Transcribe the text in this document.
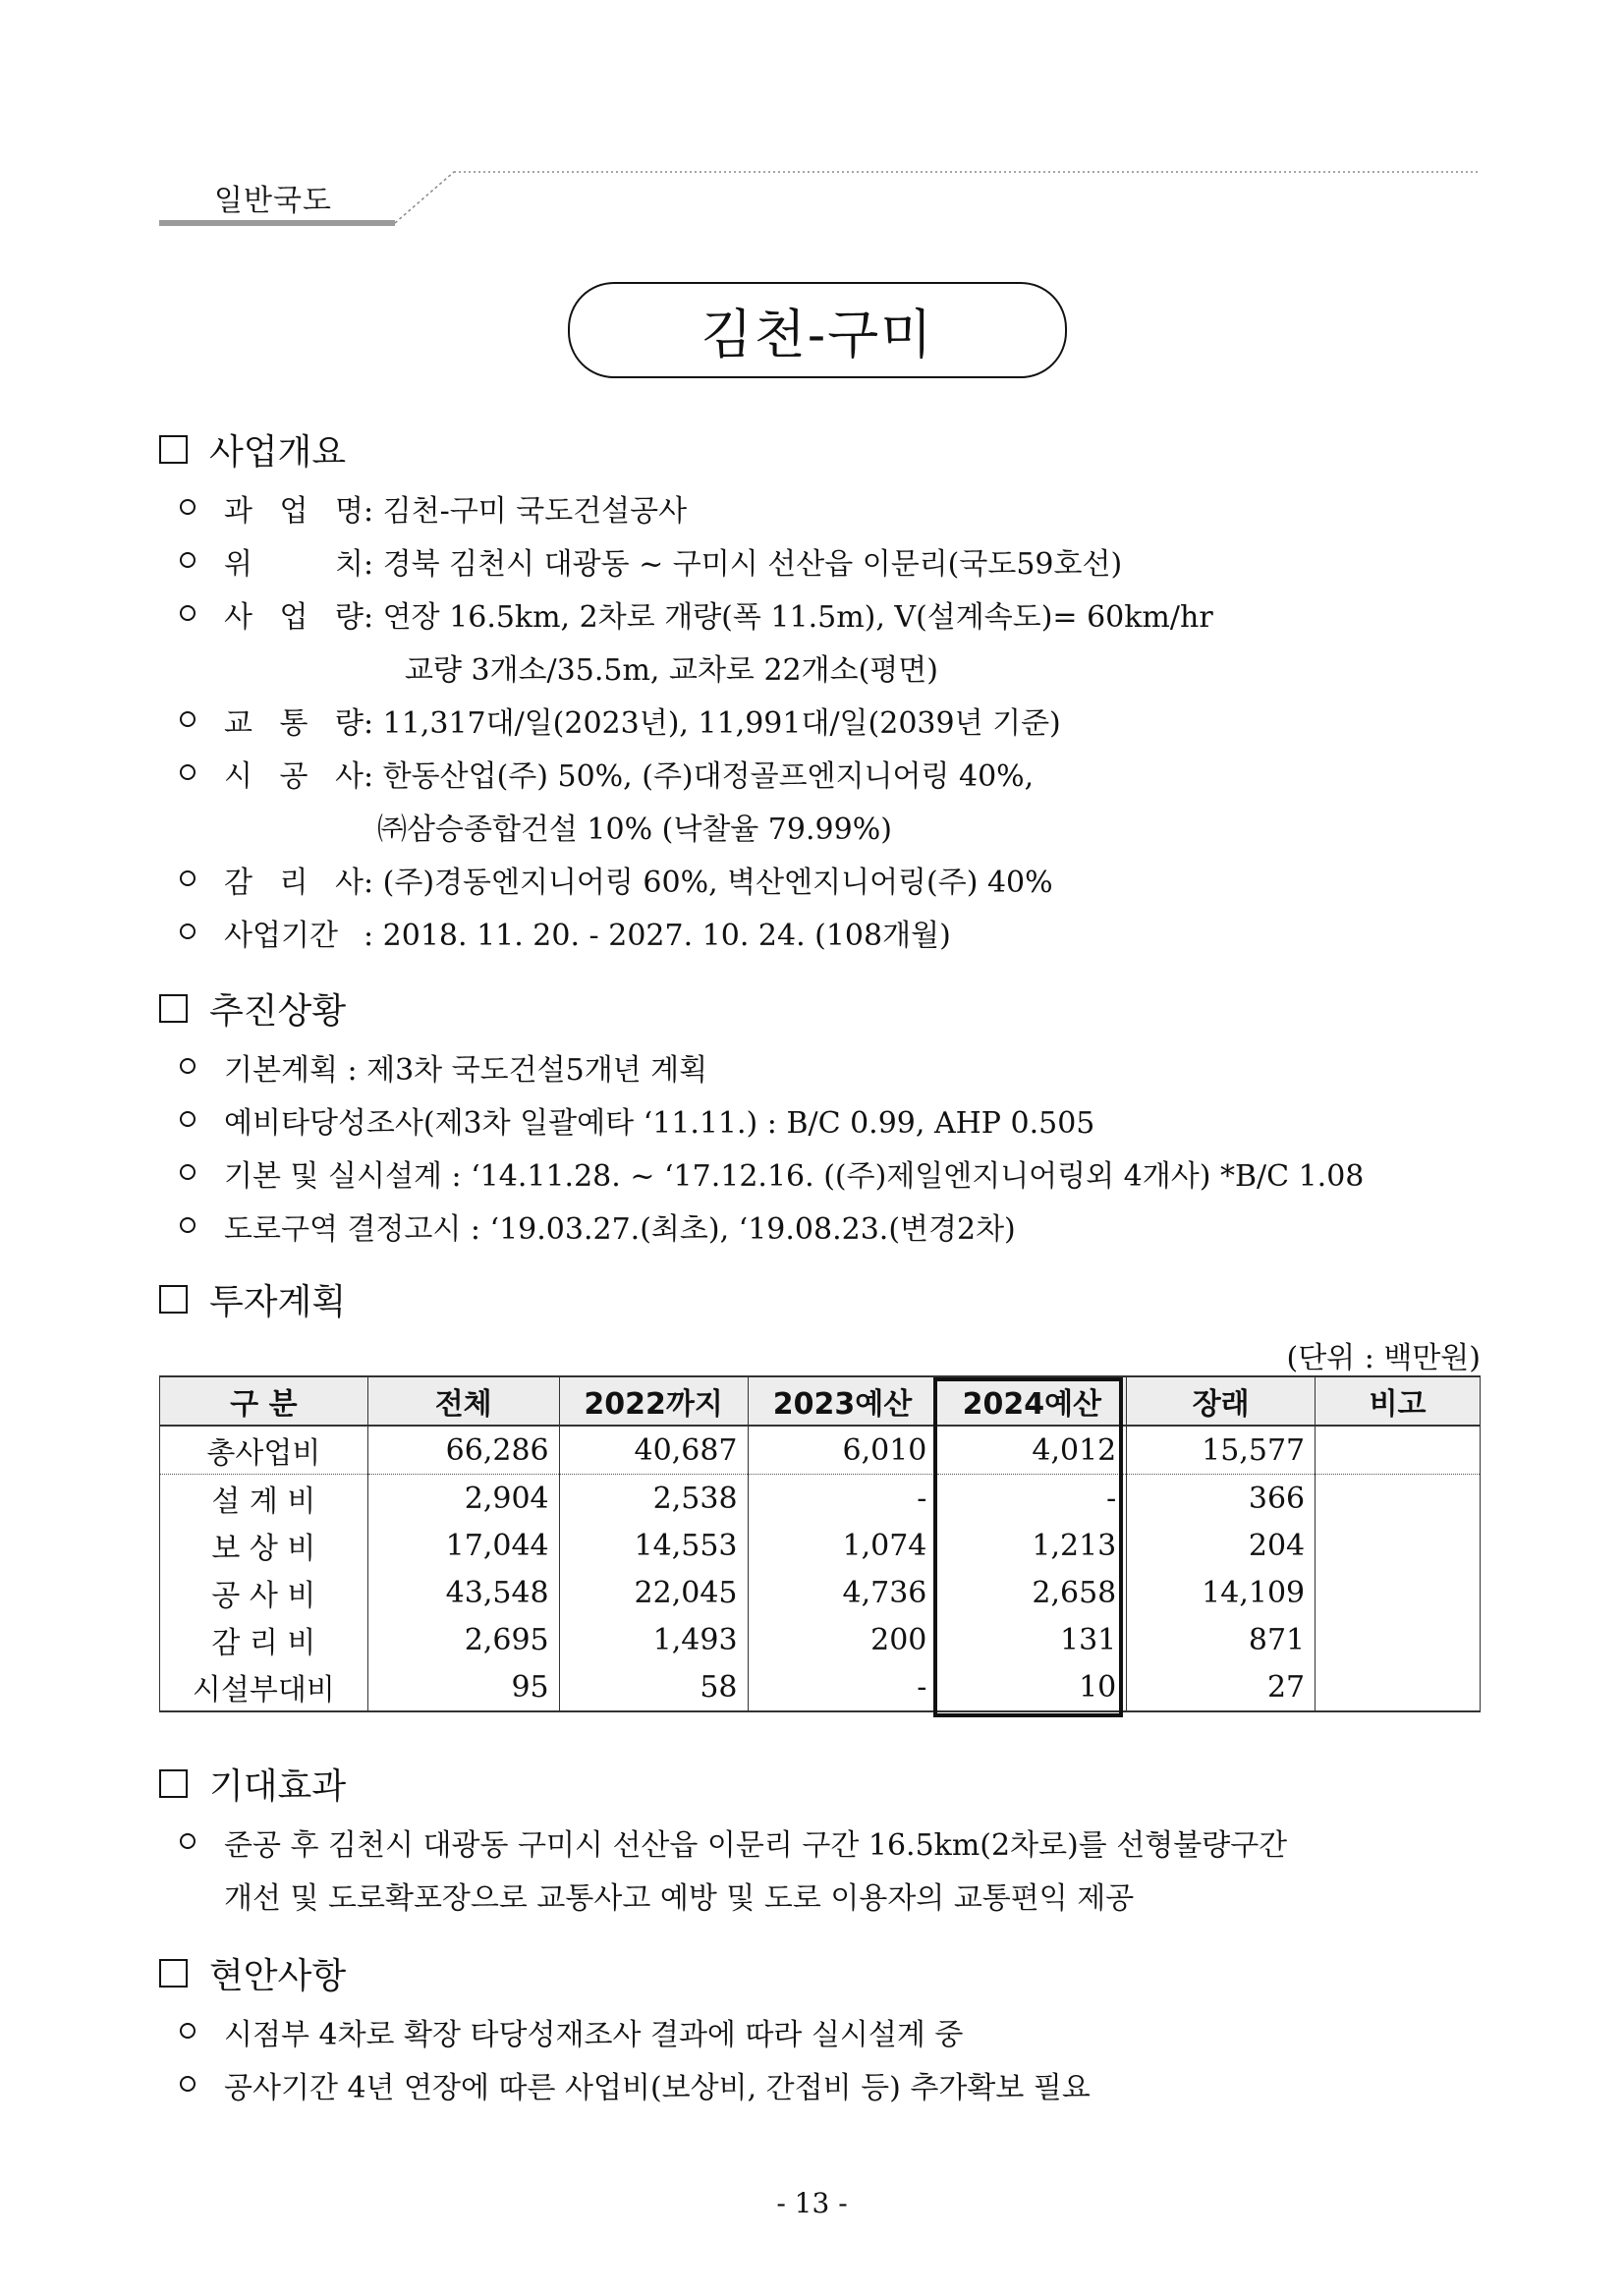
일반국도
김천-구미
사업개요
과 업 명: 김천-구미 국도건설공사
위 치: 경북 김천시 대광동 ~ 구미시 선산읍 이문리(국도59호선)
사 업 량: 연장 16.5km, 2차로 개량(폭 11.5m), V(설계속도)= 60km/hr
교량 3개소/35.5m, 교차로 22개소(평면)
교 통 량: 11,317대/일(2023년), 11,991대/일(2039년 기준)
시 공 사: 한동산업(주) 50%, (주)대정골프엔지니어링 40%,
㈜삼승종합건설 10% (낙찰율 79.99%)
감 리 사: (주)경동엔지니어링 60%, 벽산엔지니어링(주) 40%
사업기간 : 2018. 11. 20. - 2027. 10. 24. (108개월)
추진상황
기본계획 : 제3차 국도건설5개년 계획
예비타당성조사(제3차 일괄예타 ‘11.11.) : B/C 0.99, AHP 0.505
기본 및 실시설계 : ‘14.11.28. ~ ‘17.12.16. ((주)제일엔지니어링외 4개사) *B/C 1.08
도로구역 결정고시 : ‘19.03.27.(최초), ‘19.08.23.(변경2차)
투자계획
(단위 : 백만원)
구 분	전체	2022까지	2023예산	2024예산	장래	비고
총사업비	66,286	40,687	6,010	4,012	15,577	
설 계 비	2,904	2,538	-	-	366	
보 상 비	17,044	14,553	1,074	1,213	204	
공 사 비	43,548	22,045	4,736	2,658	14,109	
감 리 비	2,695	1,493	200	131	871	
시설부대비	95	58	-	10	27	
기대효과
준공 후 김천시 대광동 구미시 선산읍 이문리 구간 16.5km(2차로)를 선형불량구간
개선 및 도로확포장으로 교통사고 예방 및 도로 이용자의 교통편익 제공
현안사항
시점부 4차로 확장 타당성재조사 결과에 따라 실시설계 중
공사기간 4년 연장에 따른 사업비(보상비, 간접비 등) 추가확보 필요
- 13 -
